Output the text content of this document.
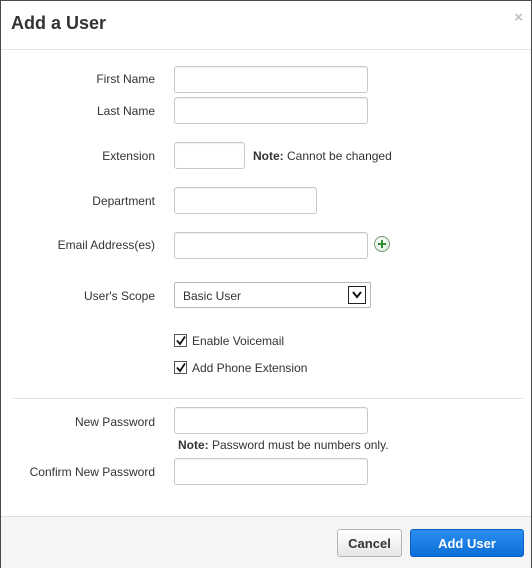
Add a User	×
First Name
Last Name
Extension	Note: Cannot be changed
Department
Email Address(es)
User's Scope Basic User
Enable Voicemail
Add Phone Extension
New Password
Note: Password must be numbers only.
Confirm New Password
Cancel	Add User
